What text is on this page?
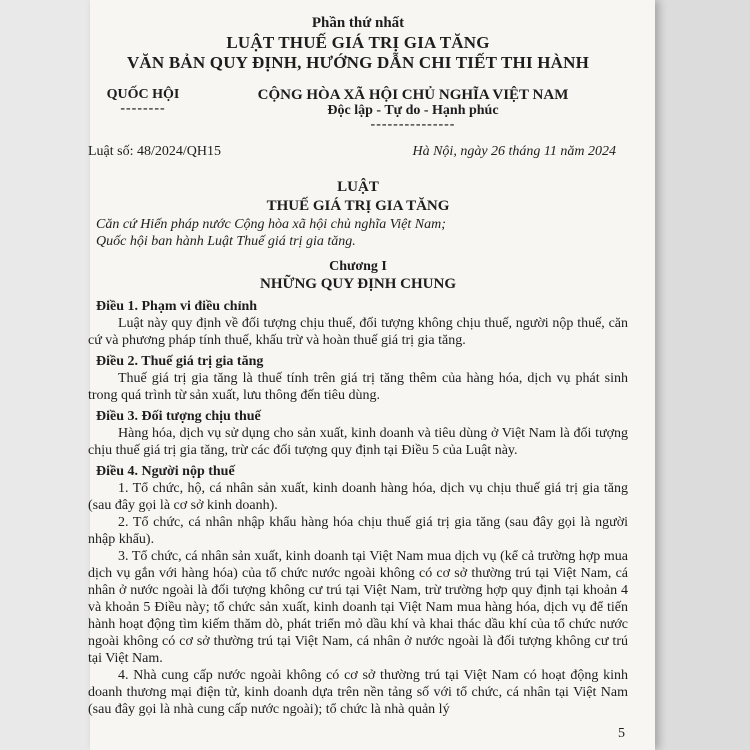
Phần thứ nhất
LUẬT THUẾ GIÁ TRỊ GIA TĂNG
VĂN BẢN QUY ĐỊNH, HƯỚNG DẪN CHI TIẾT THI HÀNH
QUỐC HỘI
--------
CỘNG HÒA XÃ HỘI CHỦ NGHĨA VIỆT NAM
Độc lập - Tự do - Hạnh phúc
---------------
Luật số: 48/2024/QH15	Hà Nội, ngày 26 tháng 11 năm 2024
LUẬT
THUẾ GIÁ TRỊ GIA TĂNG
Căn cứ Hiến pháp nước Cộng hòa xã hội chủ nghĩa Việt Nam;
Quốc hội ban hành Luật Thuế giá trị gia tăng.
Chương I
NHỮNG QUY ĐỊNH CHUNG
Điều 1. Phạm vi điều chỉnh

Luật này quy định về đối tượng chịu thuế, đối tượng không chịu thuế, người nộp thuế, căn cứ và phương pháp tính thuế, khấu trừ và hoàn thuế giá trị gia tăng.

Điều 2. Thuế giá trị gia tăng

Thuế giá trị gia tăng là thuế tính trên giá trị tăng thêm của hàng hóa, dịch vụ phát sinh trong quá trình từ sản xuất, lưu thông đến tiêu dùng.

Điều 3. Đối tượng chịu thuế

Hàng hóa, dịch vụ sử dụng cho sản xuất, kinh doanh và tiêu dùng ở Việt Nam là đối tượng chịu thuế giá trị gia tăng, trừ các đối tượng quy định tại Điều 5 của Luật này.

Điều 4. Người nộp thuế

1. Tổ chức, hộ, cá nhân sản xuất, kinh doanh hàng hóa, dịch vụ chịu thuế giá trị gia tăng (sau đây gọi là cơ sở kinh doanh).

2. Tổ chức, cá nhân nhập khẩu hàng hóa chịu thuế giá trị gia tăng (sau đây gọi là người nhập khẩu).

3. Tổ chức, cá nhân sản xuất, kinh doanh tại Việt Nam mua dịch vụ (kể cả trường hợp mua dịch vụ gắn với hàng hóa) của tổ chức nước ngoài không có cơ sở thường trú tại Việt Nam, cá nhân ở nước ngoài là đối tượng không cư trú tại Việt Nam, trừ trường hợp quy định tại khoản 4 và khoản 5 Điều này; tổ chức sản xuất, kinh doanh tại Việt Nam mua hàng hóa, dịch vụ để tiến hành hoạt động tìm kiếm thăm dò, phát triển mỏ dầu khí và khai thác dầu khí của tổ chức nước ngoài không có cơ sở thường trú tại Việt Nam, cá nhân ở nước ngoài là đối tượng không cư trú tại Việt Nam.

4. Nhà cung cấp nước ngoài không có cơ sở thường trú tại Việt Nam có hoạt động kinh doanh thương mại điện tử, kinh doanh dựa trên nền tảng số với tổ chức, cá nhân tại Việt Nam (sau đây gọi là nhà cung cấp nước ngoài); tổ chức là nhà quản lý

5
